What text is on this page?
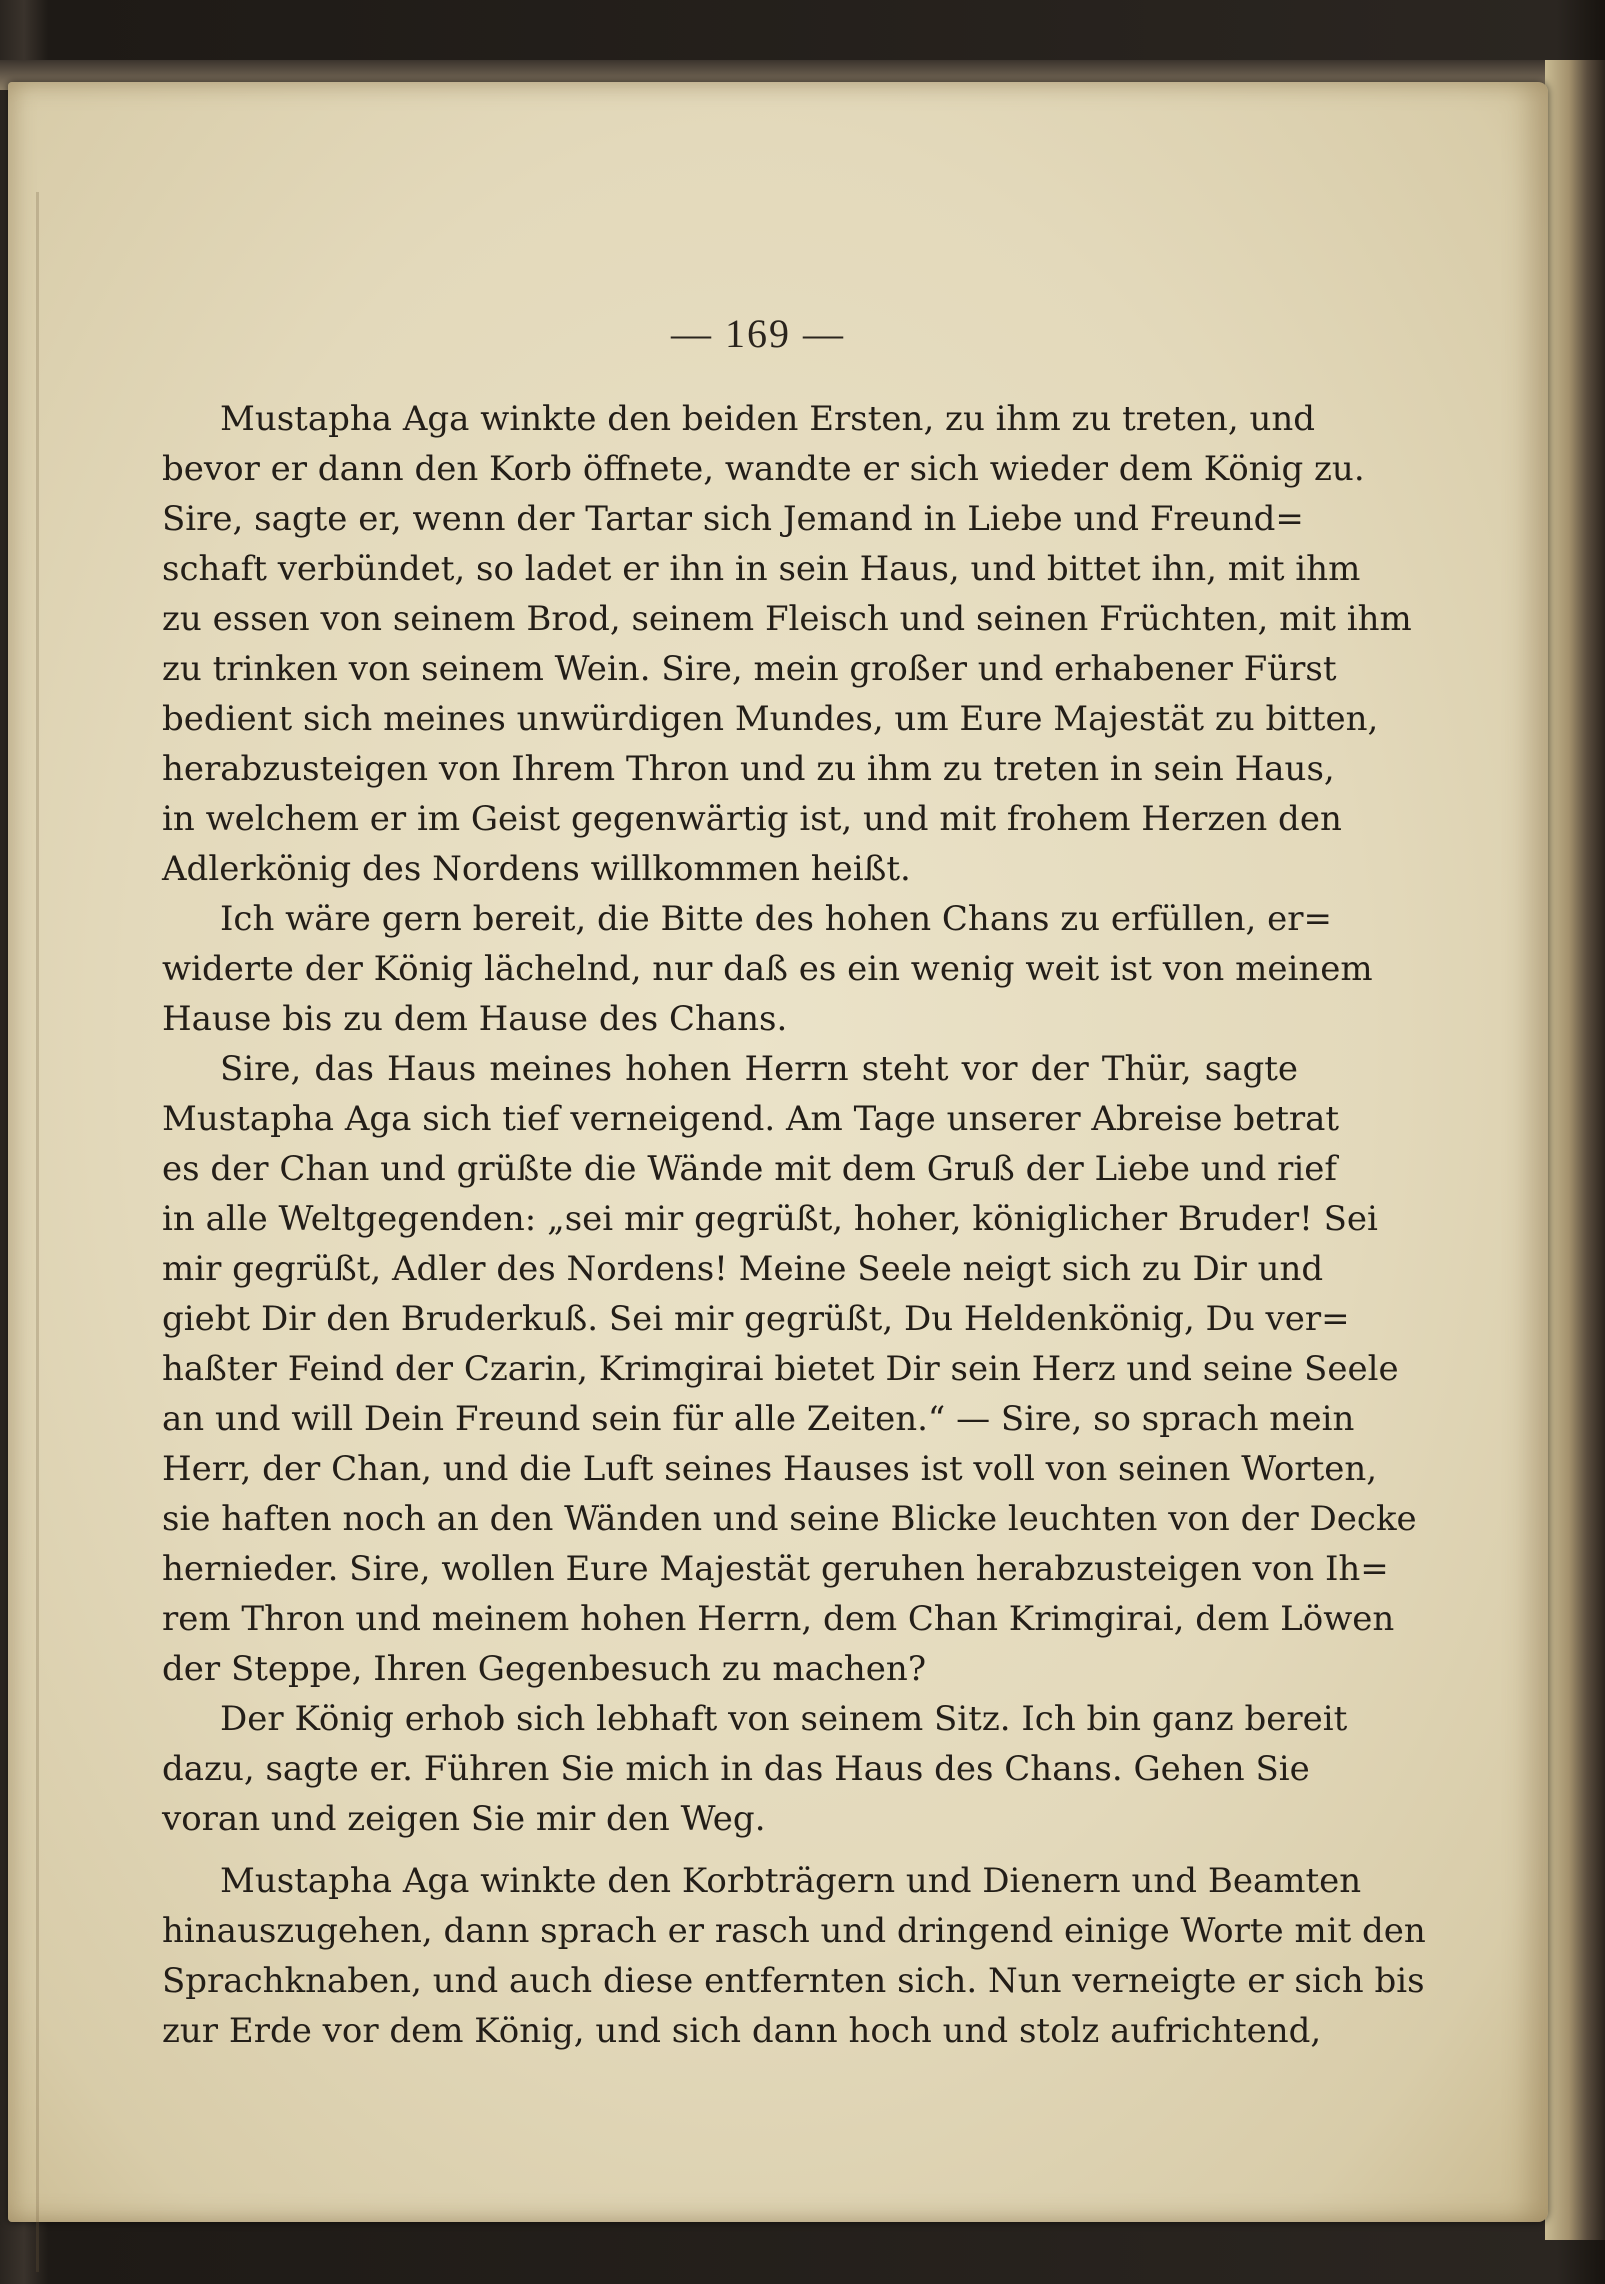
— 169 —
Mustapha Aga winkte den beiden Ersten, zu ihm zu treten, und
bevor er dann den Korb öffnete, wandte er sich wieder dem König zu.
Sire, sagte er, wenn der Tartar sich Jemand in Liebe und Freund=
schaft verbündet, so ladet er ihn in sein Haus, und bittet ihn, mit ihm
zu essen von seinem Brod, seinem Fleisch und seinen Früchten, mit ihm
zu trinken von seinem Wein. Sire, mein großer und erhabener Fürst
bedient sich meines unwürdigen Mundes, um Eure Majestät zu bitten,
herabzusteigen von Ihrem Thron und zu ihm zu treten in sein Haus,
in welchem er im Geist gegenwärtig ist, und mit frohem Herzen den
Adlerkönig des Nordens willkommen heißt.
Ich wäre gern bereit, die Bitte des hohen Chans zu erfüllen, er=
widerte der König lächelnd, nur daß es ein wenig weit ist von meinem
Hause bis zu dem Hause des Chans.
Sire, das Haus meines hohen Herrn steht vor der Thür, sagte
Mustapha Aga sich tief verneigend. Am Tage unserer Abreise betrat
es der Chan und grüßte die Wände mit dem Gruß der Liebe und rief
in alle Weltgegenden: „sei mir gegrüßt, hoher, königlicher Bruder! Sei
mir gegrüßt, Adler des Nordens! Meine Seele neigt sich zu Dir und
giebt Dir den Bruderkuß. Sei mir gegrüßt, Du Heldenkönig, Du ver=
haßter Feind der Czarin, Krimgirai bietet Dir sein Herz und seine Seele
an und will Dein Freund sein für alle Zeiten.“ — Sire, so sprach mein
Herr, der Chan, und die Luft seines Hauses ist voll von seinen Worten,
sie haften noch an den Wänden und seine Blicke leuchten von der Decke
hernieder. Sire, wollen Eure Majestät geruhen herabzusteigen von Ih=
rem Thron und meinem hohen Herrn, dem Chan Krimgirai, dem Löwen
der Steppe, Ihren Gegenbesuch zu machen?
Der König erhob sich lebhaft von seinem Sitz. Ich bin ganz bereit
dazu, sagte er. Führen Sie mich in das Haus des Chans. Gehen Sie
voran und zeigen Sie mir den Weg.
Mustapha Aga winkte den Korbträgern und Dienern und Beamten
hinauszugehen, dann sprach er rasch und dringend einige Worte mit den
Sprachknaben, und auch diese entfernten sich. Nun verneigte er sich bis
zur Erde vor dem König, und sich dann hoch und stolz aufrichtend,
